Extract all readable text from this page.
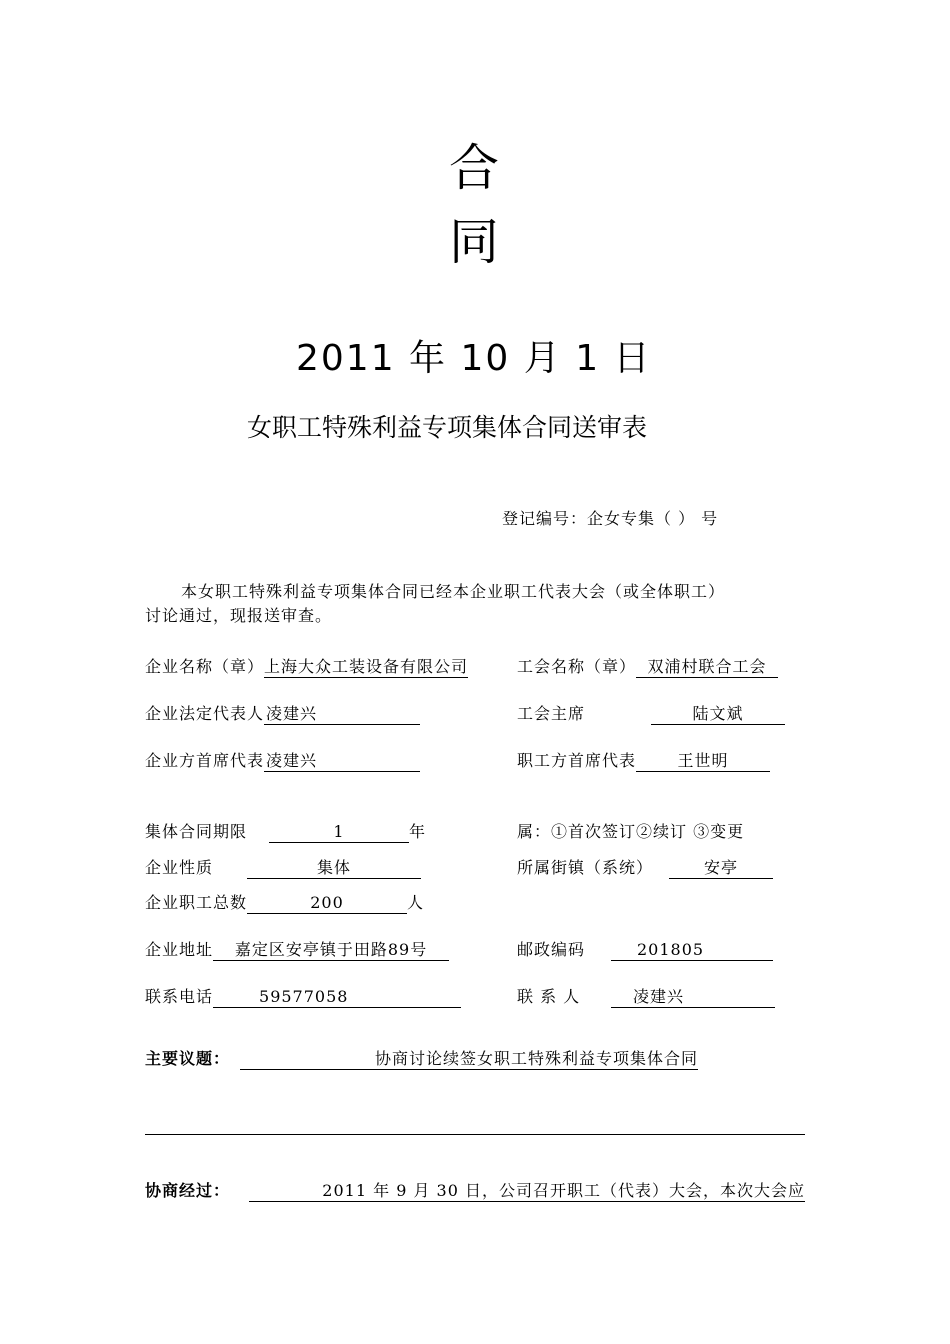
合
同
2011 年 10 月 1 日
女职工特殊利益专项集体合同送审表
登记编号：企女专集（ ） 号
本女职工特殊利益专项集体合同已经本企业职工代表大会（或全体职工）
讨论通过，现报送审查。
企业名称（章）上海大众工装设备有限公司	工会名称（章） 双浦村联合工会
企业法定代表人 凌建兴	工会主席	陆文斌
企业方首席代表 凌建兴	职工方首席代表	王世明
集体合同期限	1	年	属：①首次签订②续订 ③变更
企业性质	集体	所属街镇（系统）	安亭
企业职工总数	200	人
企业地址 嘉定区安亭镇于田路89号	邮政编码	201805
联系电话	59577058	联 系 人	凌建兴
主要议题：	协商讨论续签女职工特殊利益专项集体合同
协商经过：	2011 年 9 月 30 日，公司召开职工（代表）大会，本次大会应
